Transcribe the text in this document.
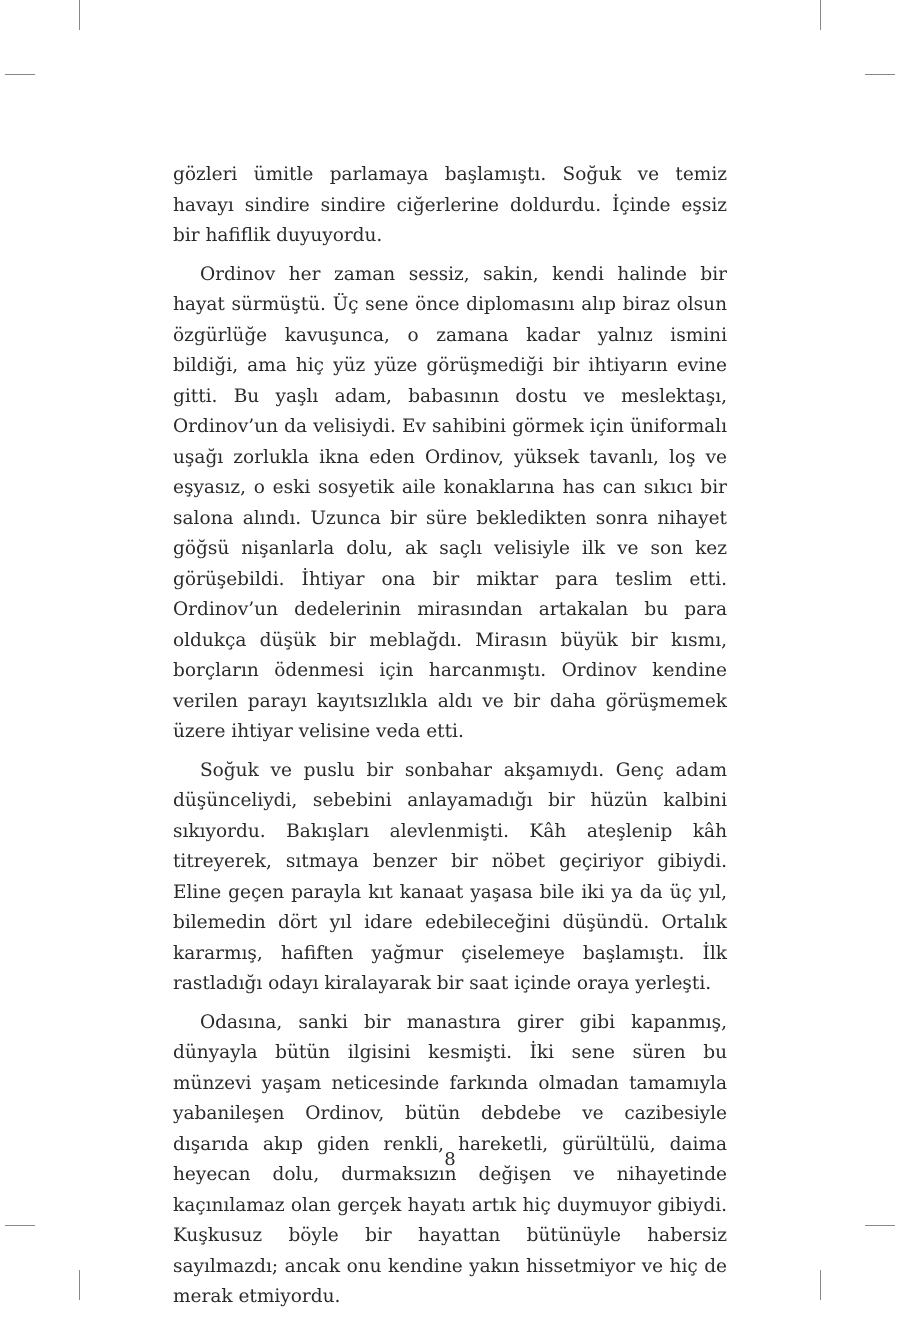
gözleri ümitle parlamaya başlamıştı. Soğuk ve temiz havayı sindire sindire ciğerlerine doldurdu. İçinde eşsiz bir hafiflik duyuyordu.

Ordinov her zaman sessiz, sakin, kendi halinde bir hayat sürmüştü. Üç sene önce diplomasını alıp biraz olsun özgürlüğe kavuşunca, o zamana kadar yalnız ismini bildiği, ama hiç yüz yüze görüşmediği bir ihtiyarın evine gitti. Bu yaşlı adam, babasının dostu ve meslektaşı, Ordinov’un da velisiydi. Ev sahibini görmek için üniformalı uşağı zorlukla ikna eden Ordinov, yüksek tavanlı, loş ve eşyasız, o eski sosyetik aile konaklarına has can sıkıcı bir salona alındı. Uzunca bir süre bekledikten sonra nihayet göğsü nişanlarla dolu, ak saçlı velisiyle ilk ve son kez görüşebildi. İhtiyar ona bir miktar para teslim etti. Ordinov’un dedelerinin mirasından artakalan bu para oldukça düşük bir meblağdı. Mirasın büyük bir kısmı, borçların ödenmesi için harcanmıştı. Ordinov kendine verilen parayı kayıtsızlıkla aldı ve bir daha görüşmemek üzere ihtiyar velisine veda etti.

Soğuk ve puslu bir sonbahar akşamıydı. Genç adam düşünceliydi, sebebini anlayamadığı bir hüzün kalbini sıkıyordu. Bakışları alevlenmişti. Kâh ateşlenip kâh titreyerek, sıtmaya benzer bir nöbet geçiriyor gibiydi. Eline geçen parayla kıt kanaat yaşasa bile iki ya da üç yıl, bilemedin dört yıl idare edebileceğini düşündü. Ortalık kararmış, hafiften yağmur çiselemeye başlamıştı. İlk rastladığı odayı kiralayarak bir saat içinde oraya yerleşti.

Odasına, sanki bir manastıra girer gibi kapanmış, dünyayla bütün ilgisini kesmişti. İki sene süren bu münzevi yaşam neticesinde farkında olmadan tamamıyla yabanileşen Ordinov, bütün debdebe ve cazibesiyle dışarıda akıp giden renkli, hareketli, gürültülü, daima heyecan dolu, durmaksızın değişen ve nihayetinde kaçınılamaz olan gerçek hayatı artık hiç duymuyor gibiydi. Kuşkusuz böyle bir hayattan bütünüyle habersiz sayılmazdı; ancak onu kendine yakın hissetmiyor ve hiç de merak etmiyordu.

8
